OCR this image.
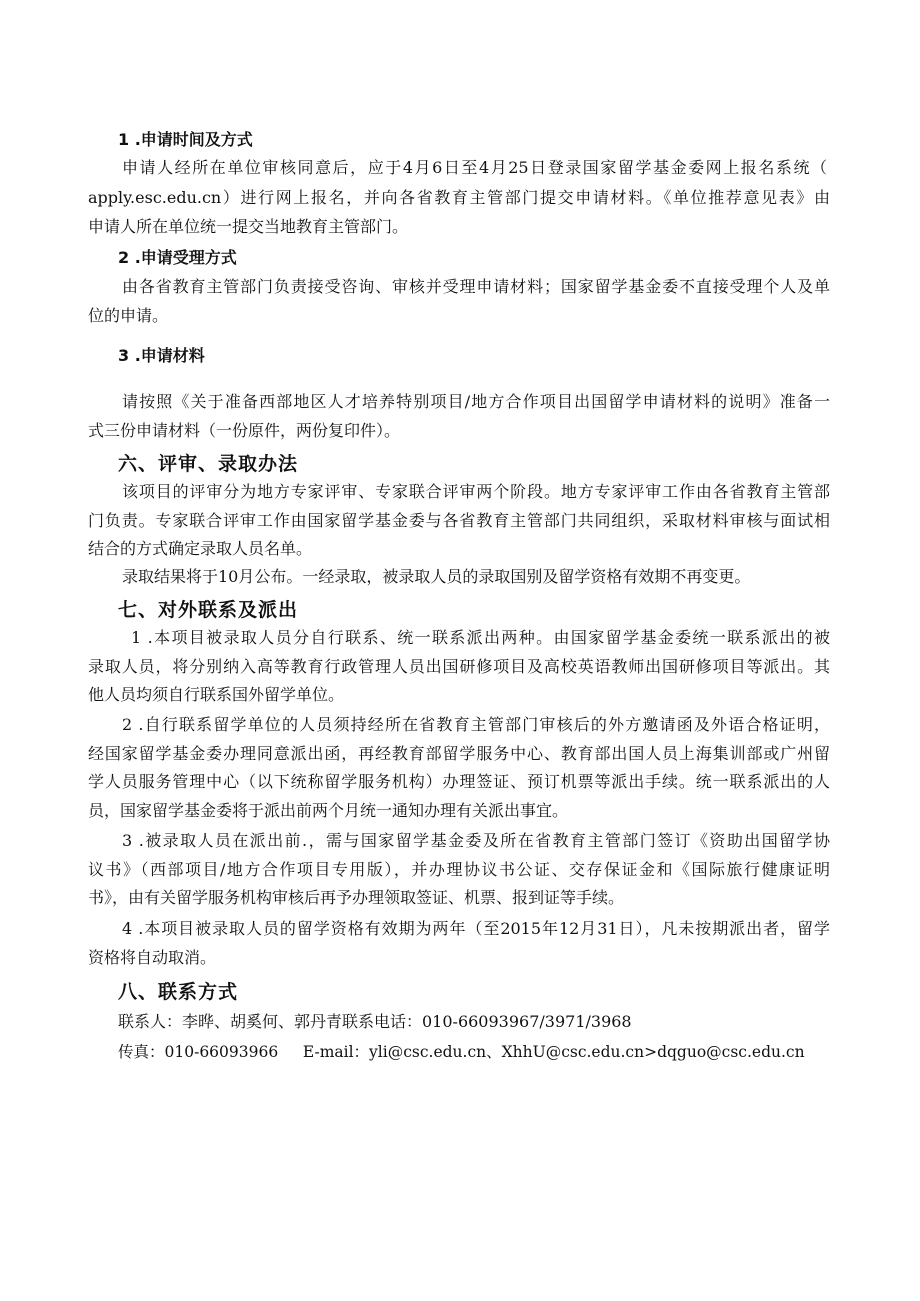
1 .申请时间及方式
申请人经所在单位审核同意后，应于4月6日至4月25日登录国家留学基金委网上报名系统（
apply.esc.edu.cn）进行网上报名，并向各省教育主管部门提交申请材料。《单位推荐意见表》由
申请人所在单位统一提交当地教育主管部门。
2 .申请受理方式
由各省教育主管部门负责接受咨询、审核并受理申请材料；国家留学基金委不直接受理个人及单
位的申请。
3 .申请材料
请按照《关于准备西部地区人才培养特别项目/地方合作项目出国留学申请材料的说明》准备一
式三份申请材料（一份原件，两份复印件）。
六、评审、录取办法
该项目的评审分为地方专家评审、专家联合评审两个阶段。地方专家评审工作由各省教育主管部
门负责。专家联合评审工作由国家留学基金委与各省教育主管部门共同组织，采取材料审核与面试相
结合的方式确定录取人员名单。
录取结果将于10月公布。一经录取，被录取人员的录取国别及留学资格有效期不再变更。
七、对外联系及派出
1 .本项目被录取人员分自行联系、统一联系派出两种。由国家留学基金委统一联系派出的被
录取人员，将分别纳入高等教育行政管理人员出国研修项目及高校英语教师出国研修项目等派出。其
他人员均须自行联系国外留学单位。
2 .自行联系留学单位的人员须持经所在省教育主管部门审核后的外方邀请函及外语合格证明，
经国家留学基金委办理同意派出函，再经教育部留学服务中心、教育部出国人员上海集训部或广州留
学人员服务管理中心（以下统称留学服务机构）办理签证、预订机票等派出手续。统一联系派出的人
员，国家留学基金委将于派出前两个月统一通知办理有关派出事宜。
3 .被录取人员在派出前.，需与国家留学基金委及所在省教育主管部门签订《资助出国留学协
议书》（西部项目/地方合作项目专用版），并办理协议书公证、交存保证金和《国际旅行健康证明
书》，由有关留学服务机构审核后再予办理领取签证、机票、报到证等手续。
4 .本项目被录取人员的留学资格有效期为两年（至2015年12月31日），凡未按期派出者，留学
资格将自动取消。
八、联系方式
联系人：李晔、胡奚何、郭丹青联系电话：010-66093967/3971/3968
传真：010-66093966     E-mail：yli@csc.edu.cn、XhhU@csc.edu.cn>dqguo@csc.edu.cn
